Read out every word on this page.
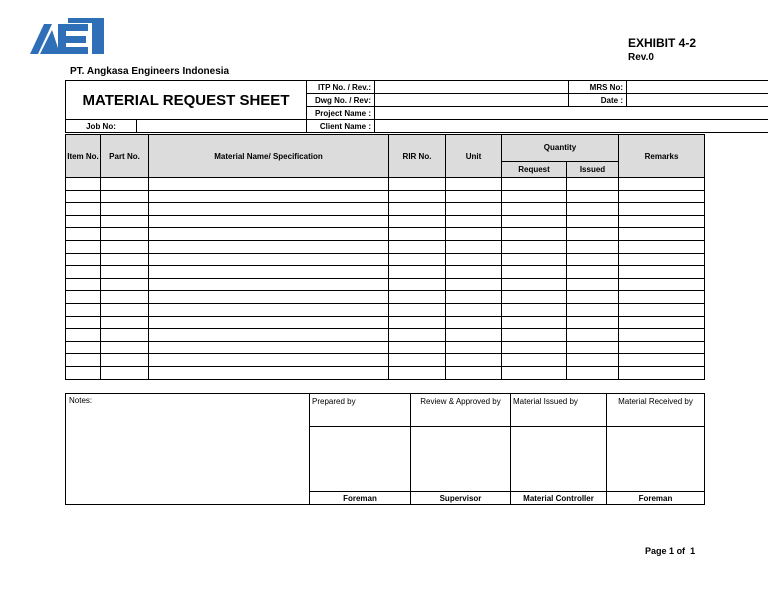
EXHIBIT 4-2
Rev.0
PT. Angkasa Engineers Indonesia
MATERIAL REQUEST SHEET		ITP No. / Rev.:		MRS No:	
		Dwg No. / Rev:		Date :	
		Project Name :			
Job No:		Client Name :			
Item No.	Part No.	Material Name/ Specification	RIR No.	Unit	Quantity		Remarks
					Request	Issued	

Notes:	Prepared by	Review & Approved by	Material Issued by	Material Received by

	Foreman	Supervisor	Material Controller	Foreman
Page 1 of 1
